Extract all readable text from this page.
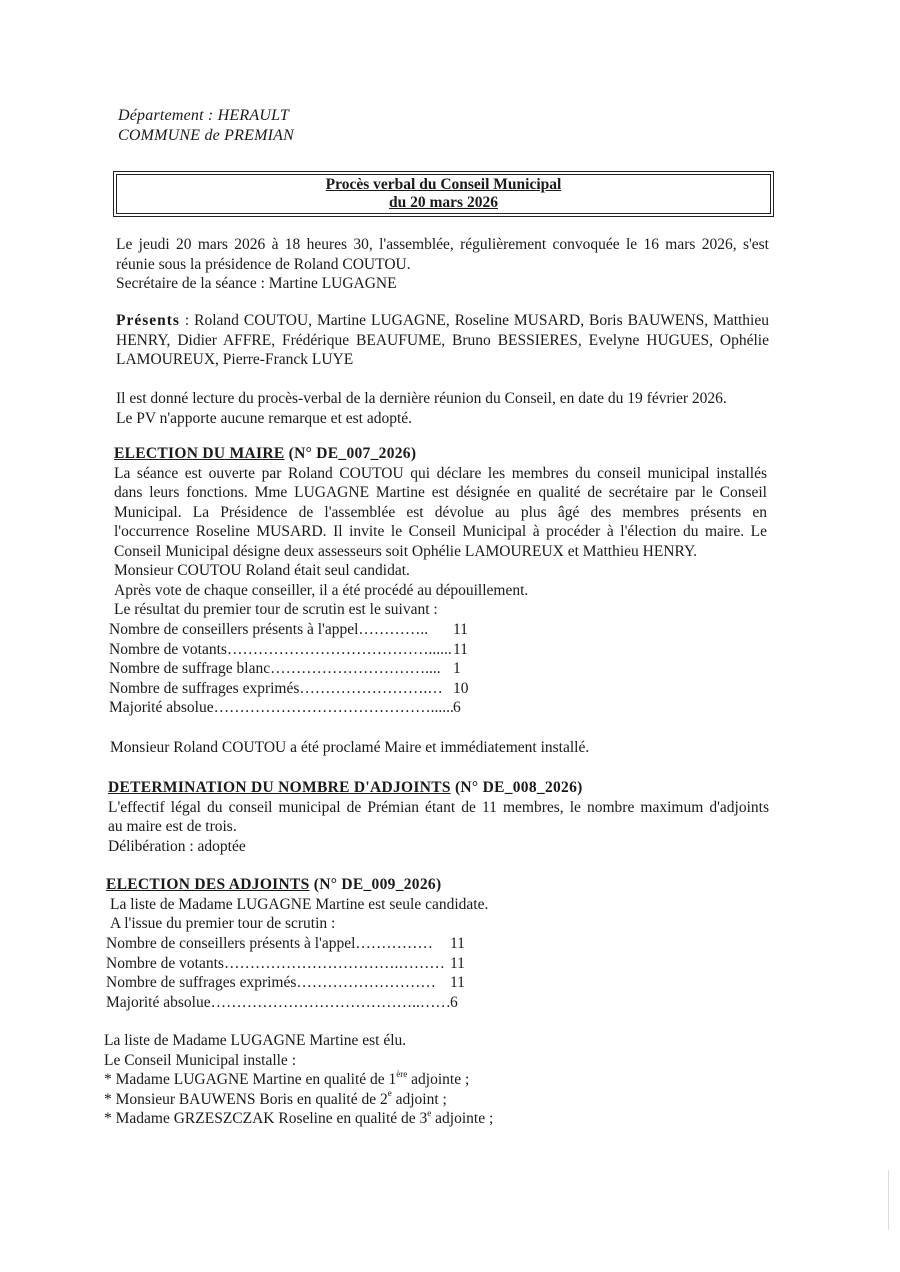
Département : HERAULT
COMMUNE de PREMIAN
Procès verbal du Conseil Municipal
du 20 mars 2026

Le jeudi 20 mars 2026 à 18 heures 30, l'assemblée, régulièrement convoquée le 16 mars 2026, s'est

réunie sous la présidence de Roland COUTOU.

Secrétaire de la séance : Martine LUGAGNE

Présents : Roland COUTOU, Martine LUGAGNE, Roseline MUSARD, Boris BAUWENS, Matthieu

HENRY, Didier AFFRE, Frédérique BEAUFUME, Bruno BESSIERES, Evelyne HUGUES, Ophélie

LAMOUREUX, Pierre-Franck LUYE

Il est donné lecture du procès-verbal de la dernière réunion du Conseil, en date du 19 février 2026.

Le PV n'apporte aucune remarque et est adopté.

ELECTION DU MAIRE (N° DE_007_2026)

La séance est ouverte par Roland COUTOU qui déclare les membres du conseil municipal installés

dans leurs fonctions. Mme LUGAGNE Martine est désignée en qualité de secrétaire par le Conseil

Municipal. La Présidence de l'assemblée est dévolue au plus âgé des membres présents en

l'occurrence Roseline MUSARD. Il invite le Conseil Municipal à procéder à l'élection du maire. Le

Conseil Municipal désigne deux assesseurs soit Ophélie LAMOUREUX et Matthieu HENRY.

Monsieur COUTOU Roland était seul candidat.

Après vote de chaque conseiller, il a été procédé au dépouillement.

Le résultat du premier tour de scrutin est le suivant :

Nombre de conseillers présents à l'appel………….. 11
Nombre de votants…………………………………...... 11
Nombre de suffrage blanc………………………….... 1
Nombre de suffrages exprimés…………………….… 10
Majorité absolue……………………………………...... 6

Monsieur Roland COUTOU a été proclamé Maire et immédiatement installé.

DETERMINATION DU NOMBRE D'ADJOINTS (N° DE_008_2026)

L'effectif légal du conseil municipal de Prémian étant de 11 membres, le nombre maximum d'adjoints

au maire est de trois.

Délibération : adoptée

ELECTION DES ADJOINTS (N° DE_009_2026)

La liste de Madame LUGAGNE Martine est seule candidate.

A l'issue du premier tour de scrutin :

Nombre de conseillers présents à l'appel…………… 11
Nombre de votants…………………………….……… 11
Nombre de suffrages exprimés……………………… 11
Majorité absolue…………………………………..…… 6

La liste de Madame LUGAGNE Martine est élu.

Le Conseil Municipal installe :

* Madame LUGAGNE Martine en qualité de 1ère adjointe ;
* Monsieur BAUWENS Boris en qualité de 2e adjoint ;
* Madame GRZESZCZAK Roseline en qualité de 3e adjointe ;
